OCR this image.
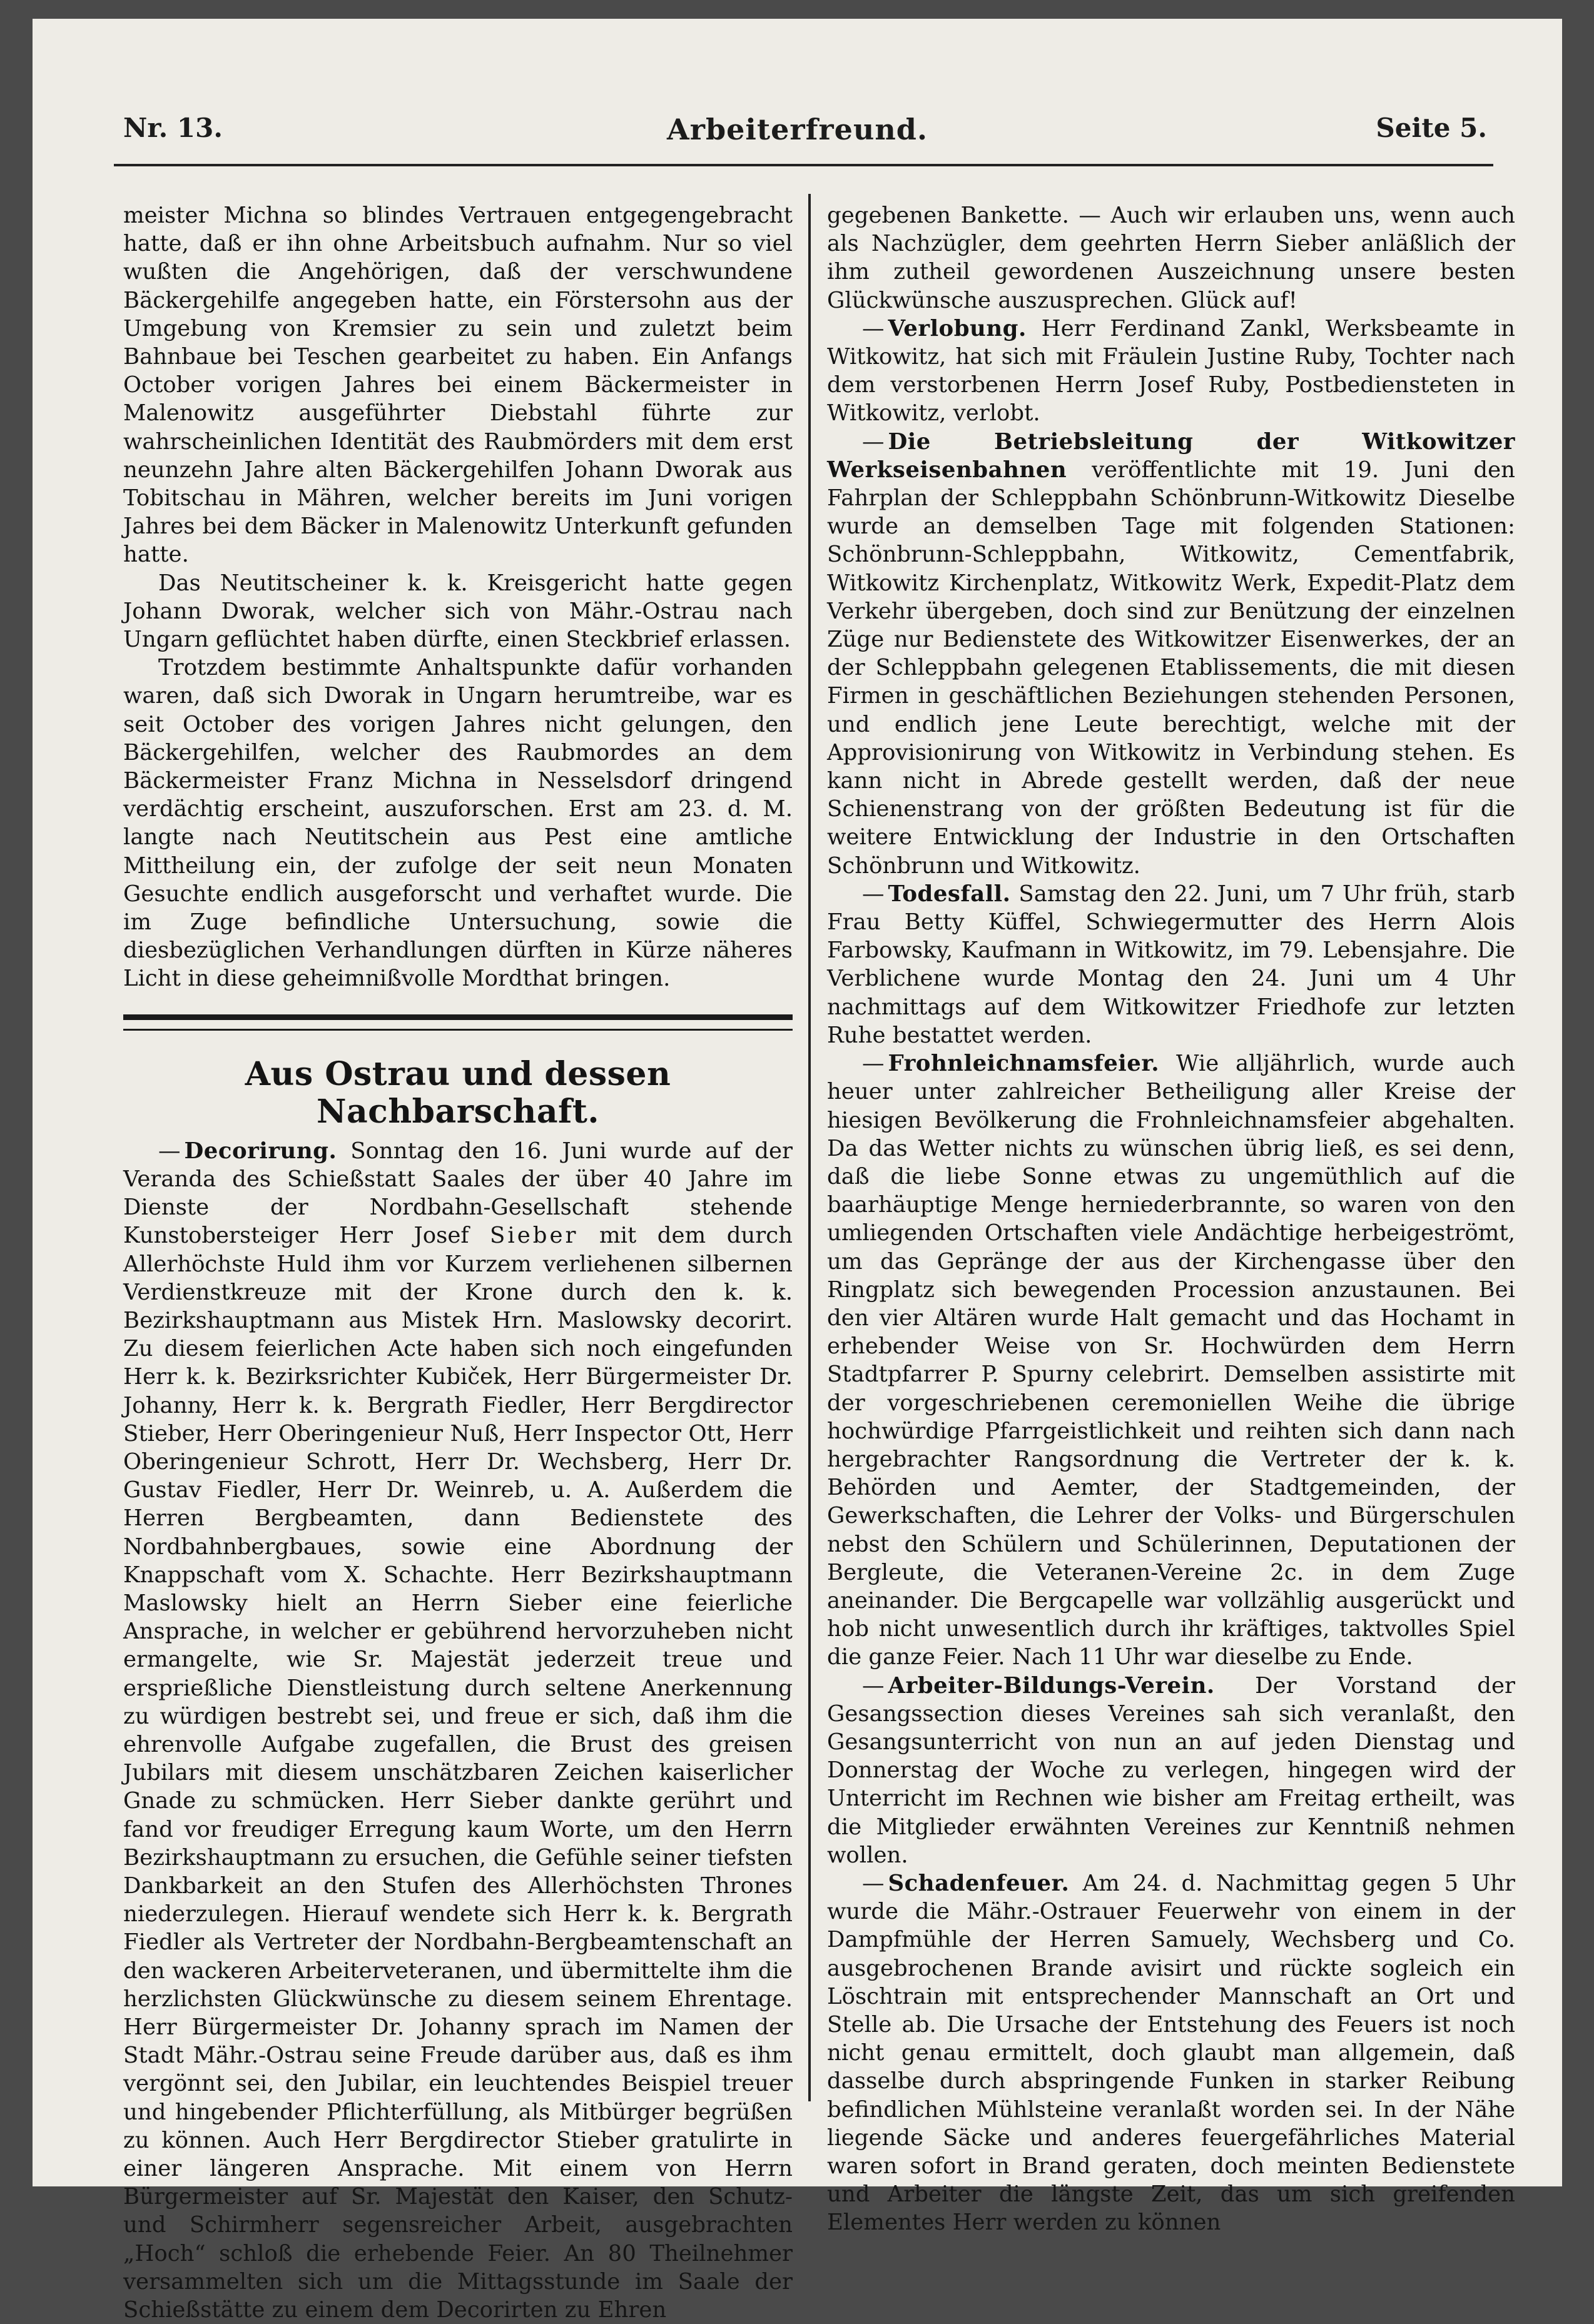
Nr. 13.	Arbeiterfreund.	Seite 5.

meister Michna so blindes Vertrauen entgegengebracht hatte, daß er ihn ohne Arbeitsbuch aufnahm. Nur so viel wußten die Angehörigen, daß der verschwundene Bäckergehilfe angegeben hatte, ein Förstersohn aus der Umgebung von Kremsier zu sein und zuletzt beim Bahnbaue bei Teschen gearbeitet zu haben. Ein Anfangs October vorigen Jahres bei einem Bäckermeister in Malenowitz ausgeführter Diebstahl führte zur wahrscheinlichen Identität des Raubmörders mit dem erst neunzehn Jahre alten Bäckergehilfen Johann Dworak aus Tobitschau in Mähren, welcher bereits im Juni vorigen Jahres bei dem Bäcker in Malenowitz Unterkunft gefunden hatte.

Das Neutitscheiner k. k. Kreisgericht hatte gegen Johann Dworak, welcher sich von Mähr.-Ostrau nach Ungarn geflüchtet haben dürfte, einen Steckbrief erlassen.

Trotzdem bestimmte Anhaltspunkte dafür vorhanden waren, daß sich Dworak in Ungarn herumtreibe, war es seit October des vorigen Jahres nicht gelungen, den Bäckergehilfen, welcher des Raubmordes an dem Bäckermeister Franz Michna in Nesselsdorf dringend verdächtig erscheint, auszuforschen. Erst am 23. d. M. langte nach Neutitschein aus Pest eine amtliche Mittheilung ein, der zufolge der seit neun Monaten Gesuchte endlich ausgeforscht und verhaftet wurde. Die im Zuge befindliche Untersuchung, sowie die diesbezüglichen Verhandlungen dürften in Kürze näheres Licht in diese geheimnißvolle Mordthat bringen.

Aus Ostrau und dessen Nachbarschaft.

— Decorirung. Sonntag den 16. Juni wurde auf der Veranda des Schießstatt Saales der über 40 Jahre im Dienste der Nordbahn-Gesellschaft stehende Kunstobersteiger Herr Josef Sieber mit dem durch Allerhöchste Huld ihm vor Kurzem verliehenen silbernen Verdienstkreuze mit der Krone durch den k. k. Bezirkshauptmann aus Mistek Hrn. Maslowsky decorirt. Zu diesem feierlichen Acte haben sich noch eingefunden Herr k. k. Bezirksrichter Kubiček, Herr Bürgermeister Dr. Johanny, Herr k. k. Bergrath Fiedler, Herr Bergdirector Stieber, Herr Oberingenieur Nuß, Herr Inspector Ott, Herr Oberingenieur Schrott, Herr Dr. Wechsberg, Herr Dr. Gustav Fiedler, Herr Dr. Weinreb, u. A. Außerdem die Herren Bergbeamten, dann Bedienstete des Nordbahnbergbaues, sowie eine Abordnung der Knappschaft vom X. Schachte. Herr Bezirkshauptmann Maslowsky hielt an Herrn Sieber eine feierliche Ansprache, in welcher er gebührend hervorzuheben nicht ermangelte, wie Sr. Majestät jederzeit treue und ersprießliche Dienstleistung durch seltene Anerkennung zu würdigen bestrebt sei, und freue er sich, daß ihm die ehrenvolle Aufgabe zugefallen, die Brust des greisen Jubilars mit diesem unschätzbaren Zeichen kaiserlicher Gnade zu schmücken. Herr Sieber dankte gerührt und fand vor freudiger Erregung kaum Worte, um den Herrn Bezirkshauptmann zu ersuchen, die Gefühle seiner tiefsten Dankbarkeit an den Stufen des Allerhöchsten Thrones niederzulegen. Hierauf wendete sich Herr k. k. Bergrath Fiedler als Vertreter der Nordbahn-Bergbeamtenschaft an den wackeren Arbeiterveteranen, und übermittelte ihm die herzlichsten Glückwünsche zu diesem seinem Ehrentage. Herr Bürgermeister Dr. Johanny sprach im Namen der Stadt Mähr.-Ostrau seine Freude darüber aus, daß es ihm vergönnt sei, den Jubilar, ein leuchtendes Beispiel treuer und hingebender Pflichterfüllung, als Mitbürger begrüßen zu können. Auch Herr Bergdirector Stieber gratulirte in einer längeren Ansprache. Mit einem von Herrn Bürgermeister auf Sr. Majestät den Kaiser, den Schutz- und Schirmherr segensreicher Arbeit, ausgebrachten „Hoch“ schloß die erhebende Feier. An 80 Theilnehmer versammelten sich um die Mittagsstunde im Saale der Schießstätte zu einem dem Decorirten zu Ehren

gegebenen Bankette. — Auch wir erlauben uns, wenn auch als Nachzügler, dem geehrten Herrn Sieber anläßlich der ihm zutheil gewordenen Auszeichnung unsere besten Glückwünsche auszusprechen. Glück auf!

— Verlobung. Herr Ferdinand Zankl, Werksbeamte in Witkowitz, hat sich mit Fräulein Justine Ruby, Tochter nach dem verstorbenen Herrn Josef Ruby, Postbediensteten in Witkowitz, verlobt.

— Die Betriebsleitung der Witkowitzer Werkseisenbahnen veröffentlichte mit 19. Juni den Fahrplan der Schleppbahn Schönbrunn-Witkowitz Dieselbe wurde an demselben Tage mit folgenden Stationen: Schönbrunn-Schleppbahn, Witkowitz, Cementfabrik, Witkowitz Kirchenplatz, Witkowitz Werk, Expedit-Platz dem Verkehr übergeben, doch sind zur Benützung der einzelnen Züge nur Bedienstete des Witkowitzer Eisenwerkes, der an der Schleppbahn gelegenen Etablissements, die mit diesen Firmen in geschäftlichen Beziehungen stehenden Personen, und endlich jene Leute berechtigt, welche mit der Approvisionirung von Witkowitz in Verbindung stehen. Es kann nicht in Abrede gestellt werden, daß der neue Schienenstrang von der größten Bedeutung ist für die weitere Entwicklung der Industrie in den Ortschaften Schönbrunn und Witkowitz.

— Todesfall. Samstag den 22. Juni, um 7 Uhr früh, starb Frau Betty Küffel, Schwiegermutter des Herrn Alois Farbowsky, Kaufmann in Witkowitz, im 79. Lebensjahre. Die Verblichene wurde Montag den 24. Juni um 4 Uhr nachmittags auf dem Witkowitzer Friedhofe zur letzten Ruhe bestattet werden.

— Frohnleichnamsfeier. Wie alljährlich, wurde auch heuer unter zahlreicher Betheiligung aller Kreise der hiesigen Bevölkerung die Frohnleichnamsfeier abgehalten. Da das Wetter nichts zu wünschen übrig ließ, es sei denn, daß die liebe Sonne etwas zu ungemüthlich auf die baarhäuptige Menge herniederbrannte, so waren von den umliegenden Ortschaften viele Andächtige herbeigeströmt, um das Gepränge der aus der Kirchengasse über den Ringplatz sich bewegenden Procession anzustaunen. Bei den vier Altären wurde Halt gemacht und das Hochamt in erhebender Weise von Sr. Hochwürden dem Herrn Stadtpfarrer P. Spurny celebrirt. Demselben assistirte mit der vorgeschriebenen ceremoniellen Weihe die übrige hochwürdige Pfarrgeistlichkeit und reihten sich dann nach hergebrachter Rangsordnung die Vertreter der k. k. Behörden und Aemter, der Stadtgemeinden, der Gewerkschaften, die Lehrer der Volks- und Bürgerschulen nebst den Schülern und Schülerinnen, Deputationen der Bergleute, die Veteranen-Vereine 2c. in dem Zuge aneinander. Die Bergcapelle war vollzählig ausgerückt und hob nicht unwesentlich durch ihr kräftiges, taktvolles Spiel die ganze Feier. Nach 11 Uhr war dieselbe zu Ende.

— Arbeiter-Bildungs-Verein. Der Vorstand der Gesangssection dieses Vereines sah sich veranlaßt, den Gesangsunterricht von nun an auf jeden Dienstag und Donnerstag der Woche zu verlegen, hingegen wird der Unterricht im Rechnen wie bisher am Freitag ertheilt, was die Mitglieder erwähnten Vereines zur Kenntniß nehmen wollen.

— Schadenfeuer. Am 24. d. Nachmittag gegen 5 Uhr wurde die Mähr.-Ostrauer Feuerwehr von einem in der Dampfmühle der Herren Samuely, Wechsberg und Co. ausgebrochenen Brande avisirt und rückte sogleich ein Löschtrain mit entsprechender Mannschaft an Ort und Stelle ab. Die Ursache der Entstehung des Feuers ist noch nicht genau ermittelt, doch glaubt man allgemein, daß dasselbe durch abspringende Funken in starker Reibung befindlichen Mühlsteine veranlaßt worden sei. In der Nähe liegende Säcke und anderes feuergefährliches Material waren sofort in Brand geraten, doch meinten Bedienstete und Arbeiter die längste Zeit, das um sich greifenden Elementes Herr werden zu können
